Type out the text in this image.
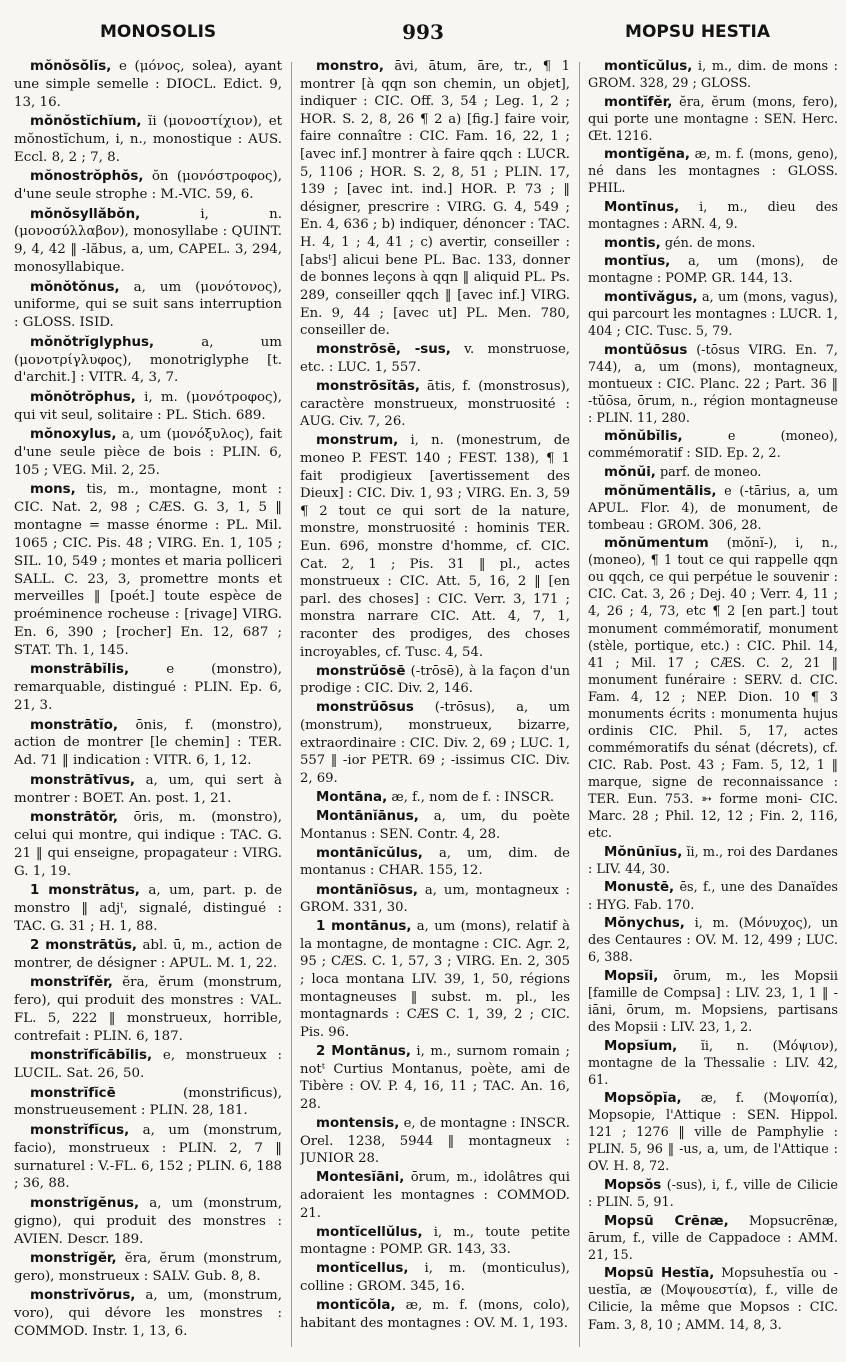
MONOSOLIS	993	MOPSU HESTIA

mŏnŏsŏlĭs, e (μόνος, solea), ayant une simple semelle : DIOCL. Edict. 9, 13, 16.

mŏnŏstĭchĭum, ĭi (μονοστίχιον), et mŏnostĭchum, i, n., monostique : AUS. Eccl. 8, 2 ; 7, 8.

mŏnostrŏphŏs, ŏn (μονόστροφος), d'une seule strophe : M.-VIC. 59, 6.

mŏnŏsyllăbŏn,	i, n. (μονοσύλλαβον), monosyllabe : QUINT. 9, 4, 42 ‖ -lăbus, a, um, CAPEL. 3, 294, monosyllabique.

mŏnŏtŏnus, a, um (μονότονος), uniforme, qui se suit sans interruption : GLOSS. ISID.

mŏnŏtrĭglyphus,	a, um (μονοτρίγλυφος), monotriglyphe [t. d'archit.] : VITR. 4, 3, 7.

mŏnŏtrŏphus, i, m. (μονότροφος), qui vit seul, solitaire : PL. Stich. 689.

mŏnoxylus, a, um (μονόξυλος), fait d'une seule pièce de bois : PLIN. 6, 105 ; VEG. Mil. 2, 25.

mons, tis, m., montagne, mont : CIC. Nat. 2, 98 ; CÆS. G. 3, 1, 5 ‖ montagne = masse énorme : PL. Mil. 1065 ; CIC. Pis. 48 ; VIRG. En. 1, 105 ; SIL. 10, 549 ; montes et maria polliceri SALL. C. 23, 3, promettre monts et merveilles ‖ [poét.] toute espèce de proéminence rocheuse : [rivage] VIRG. En. 6, 390 ; [rocher] En. 12, 687 ; STAT. Th. 1, 145.

monstrābĭlis,	e (monstro), remarquable, distingué : PLIN. Ep. 6, 21, 3.

monstrātĭo, ōnis, f. (monstro), action de montrer [le chemin] : TER. Ad. 71 ‖ indication : VITR. 6, 1, 12.

monstrātīvus, a, um, qui sert à montrer : BOET. An. post. 1, 21.

monstrātŏr, ōris, m. (monstro), celui qui montre, qui indique : TAC. G. 21 ‖ qui enseigne, propagateur : VIRG. G. 1, 19.

1 monstrātus, a, um, part. p. de monstro ‖ adjᵗ, signalé, distingué : TAC. G. 31 ; H. 1, 88.

2 monstrātŭs, abl. ū, m., action de montrer, de désigner : APUL. M. 1, 22.

monstrĭfĕr, ĕra, ĕrum (monstrum, fero), qui produit des monstres : VAL. FL. 5, 222 ‖ monstrueux, horrible, contrefait : PLIN. 6, 187.

monstrĭfĭcābĭlis, e, monstrueux : LUCIL. Sat. 26, 50.

monstrĭfĭcē	(monstrificus), monstrueusement : PLIN. 28, 181.

monstrĭfĭcus, a, um (monstrum, facio), monstrueux : PLIN. 2, 7 ‖ surnaturel : V.-FL. 6, 152 ; PLIN. 6, 188 ; 36, 88.

monstrĭgĕnus, a, um (monstrum, gigno), qui produit des monstres : AVIEN. Descr. 189.

monstrĭgĕr, ĕra, ĕrum (monstrum, gero), monstrueux : SALV. Gub. 8, 8.

monstrĭvŏrus, a, um, (monstrum, voro), qui dévore les monstres : COMMOD. Instr. 1, 13, 6.

monstro, āvi, ātum, āre, tr., ¶ 1 montrer [à qqn son chemin, un objet], indiquer : CIC. Off. 3, 54 ; Leg. 1, 2 ; HOR. S. 2, 8, 26 ¶ 2 a) [fig.] faire voir, faire connaître : CIC. Fam. 16, 22, 1 ; [avec inf.] montrer à faire qqch : LUCR. 5, 1106 ; HOR. S. 2, 8, 51 ; PLIN. 17, 139 ; [avec int. ind.] HOR. P. 73 ; ‖ désigner, prescrire : VIRG. G. 4, 549 ; En. 4, 636 ; b) indiquer, dénoncer : TAC. H. 4, 1 ; 4, 41 ; c) avertir, conseiller : [absᵗ] alicui bene PL. Bac. 133, donner de bonnes leçons à qqn ‖ aliquid PL. Ps. 289, conseiller qqch ‖ [avec inf.] VIRG. En. 9, 44 ; [avec ut] PL. Men. 780, conseiller de.

monstrōsē, -sus, v. monstruose, etc. : LUC. 1, 557.

monstrōsĭtās, ātis, f. (monstrosus), caractère monstrueux, monstruosité : AUG. Civ. 7, 26.

monstrum, i, n. (monestrum, de moneo P. FEST. 140 ; FEST. 138), ¶ 1 fait prodigieux [avertissement des Dieux] : CIC. Div. 1, 93 ; VIRG. En. 3, 59 ¶ 2 tout ce qui sort de la nature, monstre, monstruosité : hominis TER. Eun. 696, monstre d'homme, cf. CIC. Cat. 2, 1 ; Pis. 31 ‖ pl., actes monstrueux : CIC. Att. 5, 16, 2 ‖ [en parl. des choses] : CIC. Verr. 3, 171 ; monstra narrare CIC. Att. 4, 7, 1, raconter des prodiges, des choses incroyables, cf. Tusc. 4, 54.

monstrŭōsē (-trōsē), à la façon d'un prodige : CIC. Div. 2, 146.

monstrŭōsus (-trōsus), a, um (monstrum), monstrueux, bizarre, extraordinaire : CIC. Div. 2, 69 ; LUC. 1, 557 ‖ -ior PETR. 69 ; -issimus CIC. Div. 2, 69.

Montāna, æ, f., nom de f. : INSCR.

Montānĭānus, a, um, du poète Montanus : SEN. Contr. 4, 28.

montānĭcŭlus, a, um, dim. de montanus : CHAR. 155, 12.

montānĭōsus, a, um, montagneux : GROM. 331, 30.

1 montānus, a, um (mons), relatif à la montagne, de montagne : CIC. Agr. 2, 95 ; CÆS. C. 1, 57, 3 ; VIRG. En. 2, 305 ; loca montana LIV. 39, 1, 50, régions montagneuses ‖ subst. m. pl., les montagnards : CÆS C. 1, 39, 2 ; CIC. Pis. 96.

2 Montānus, i, m., surnom romain ; notᵗ Curtius Montanus, poète, ami de Tibère : OV. P. 4, 16, 11 ; TAC. An. 16, 28.

montensis, e, de montagne : INSCR. Orel. 1238, 5944 ‖ montagneux : JUNIOR 28.

Montesĭāni, ōrum, m., idolâtres qui adoraient les montagnes : COMMOD. 21.

montĭcellŭlus, i, m., toute petite montagne : POMP. GR. 143, 33.

montĭcellus, i, m. (monticulus), colline : GROM. 345, 16.

montĭcŏla, æ, m. f. (mons, colo), habitant des montagnes : OV. M. 1, 193.

montĭcŭlus, i, m., dim. de mons : GROM. 328, 29 ; GLOSS.

montĭfĕr, ĕra, ĕrum (mons, fero), qui porte une montagne : SEN. Herc. Œt. 1216.

montĭgĕna, æ, m. f. (mons, geno), né dans les montagnes : GLOSS. PHIL.

Montīnus, i, m., dieu des montagnes : ARN. 4, 9.

montis, gén. de mons.

montĭus, a, um (mons), de montagne : POMP. GR. 144, 13.

montĭvăgus, a, um (mons, vagus), qui parcourt les montagnes : LUCR. 1, 404 ; CIC. Tusc. 5, 79.

montŭōsus (-tōsus VIRG. En. 7, 744), a, um (mons), montagneux, montueux : CIC. Planc. 22 ; Part. 36 ‖ -tŭōsa, ōrum, n., région montagneuse : PLIN. 11, 280.

mŏnŭbĭlis,	e (moneo), commémoratif : SID. Ep. 2, 2.

mŏnŭi, parf. de moneo.

mŏnŭmentālis, e (-tārius, a, um APUL. Flor. 4), de monument, de tombeau : GROM. 306, 28.

mŏnŭmentum (mŏnĭ-), i, n., (moneo), ¶ 1 tout ce qui rappelle qqn ou qqch, ce qui perpétue le souvenir : CIC. Cat. 3, 26 ; Dej. 40 ; Verr. 4, 11 ; 4, 26 ; 4, 73, etc ¶ 2 [en part.] tout monument commémoratif, monument (stèle, portique, etc.) : CIC. Phil. 14, 41 ; Mil. 17 ; CÆS. C. 2, 21 ‖ monument funéraire : SERV. d. CIC. Fam. 4, 12 ; NEP. Dion. 10 ¶ 3 monuments écrits : monumenta hujus ordinis CIC. Phil. 5, 17, actes commémoratifs du sénat (décrets), cf. CIC. Rab. Post. 43 ; Fam. 5, 12, 1 ‖ marque, signe de reconnaissance : TER. Eun. 753. ➳ forme moni- CIC. Marc. 28 ; Phil. 12, 12 ; Fin. 2, 116, etc.

Mŏnūnĭus, ĭi, m., roi des Dardanes : LIV. 44, 30.

Monustē, ēs, f., une des Danaïdes : HYG. Fab. 170.

Mŏnychus, i, m. (Μόνυχος), un des Centaures : OV. M. 12, 499 ; LUC. 6, 388.

Mopsĭi, ōrum, m., les Mopsii [famille de Compsa] : LIV. 23, 1, 1 ‖ -iāni, ōrum, m. Mopsiens, partisans des Mopsii : LIV. 23, 1, 2.

Mopsĭum, ĭi, n. (Μόψιον), montagne de la Thessalie : LIV. 42, 61.

Mopsŏpĭa, æ, f. (Μοψοπία), Mopsopie, l'Attique : SEN. Hippol. 121 ; 1276 ‖ ville de Pamphylie : PLIN. 5, 96 ‖ -us, a, um, de l'Attique : OV. H. 8, 72.

Mopsŏs (-sus), i, f., ville de Cilicie : PLIN. 5, 91.

Mopsū Crēnæ, Mopsucrēnæ, ārum, f., ville de Cappadoce : AMM. 21, 15.

Mopsū Hestĭa, Mopsuhestĭa ou -uestĭa, æ (Μοψουεστία), f., ville de Cilicie, la même que Mopsos : CIC. Fam. 3, 8, 10 ; AMM. 14, 8, 3.
